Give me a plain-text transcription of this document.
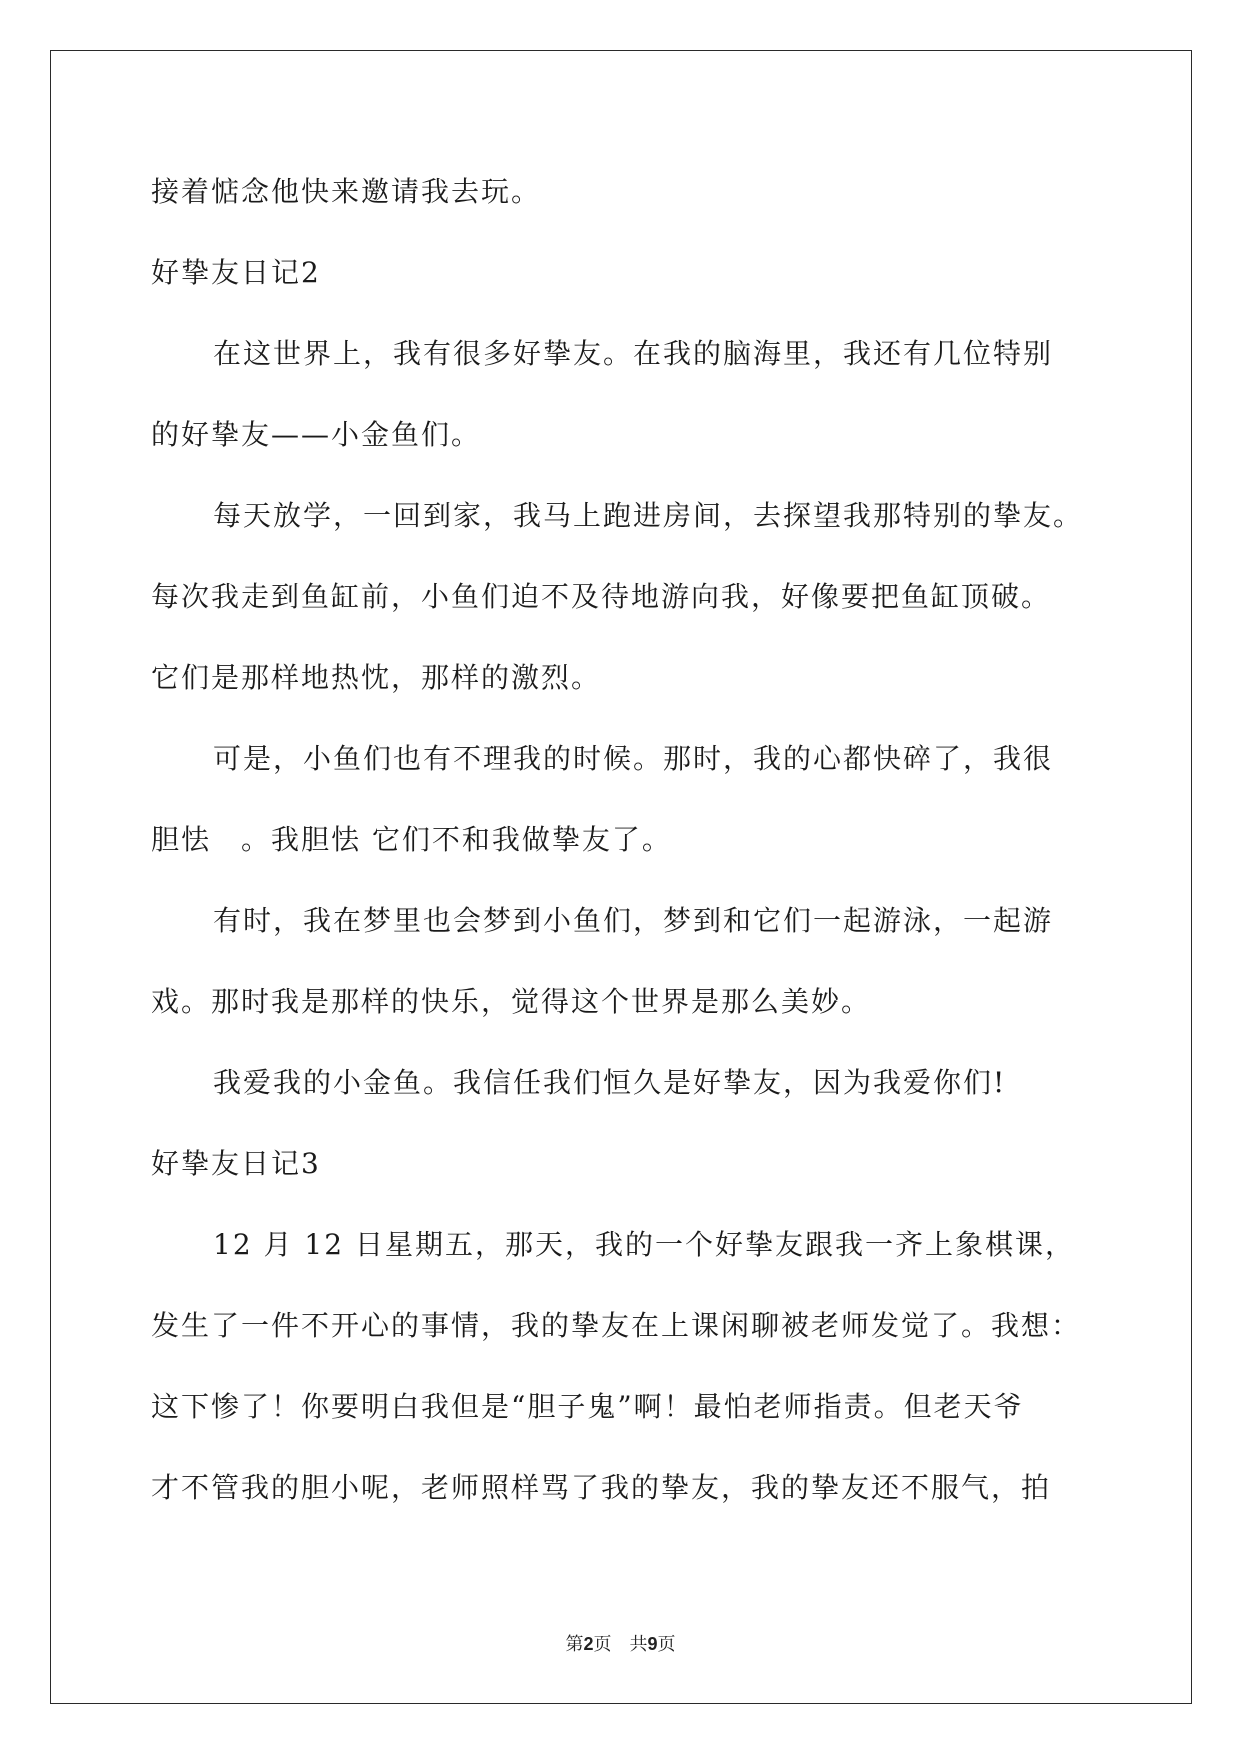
接着惦念他快来邀请我去玩。
好挚友日记2
在这世界上，我有很多好挚友。在我的脑海里，我还有几位特别
的好挚友——小金鱼们。
每天放学，一回到家，我马上跑进房间，去探望我那特别的挚友。
每次我走到鱼缸前，小鱼们迫不及待地游向我，好像要把鱼缸顶破。
它们是那样地热忱，那样的激烈。
可是，小鱼们也有不理我的时候。那时，我的心都快碎了，我很
胆怯　。我胆怯 它们不和我做挚友了。
有时，我在梦里也会梦到小鱼们，梦到和它们一起游泳，一起游
戏。那时我是那样的快乐，觉得这个世界是那么美妙。
我爱我的小金鱼。我信任我们恒久是好挚友，因为我爱你们!
好挚友日记3
12 月 12 日星期五，那天，我的一个好挚友跟我一齐上象棋课，
发生了一件不开心的事情，我的挚友在上课闲聊被老师发觉了。我想：
这下惨了！你要明白我但是“胆子鬼”啊！最怕老师指责。但老天爷
才不管我的胆小呢，老师照样骂了我的挚友，我的挚友还不服气，拍
第2页　共9页
